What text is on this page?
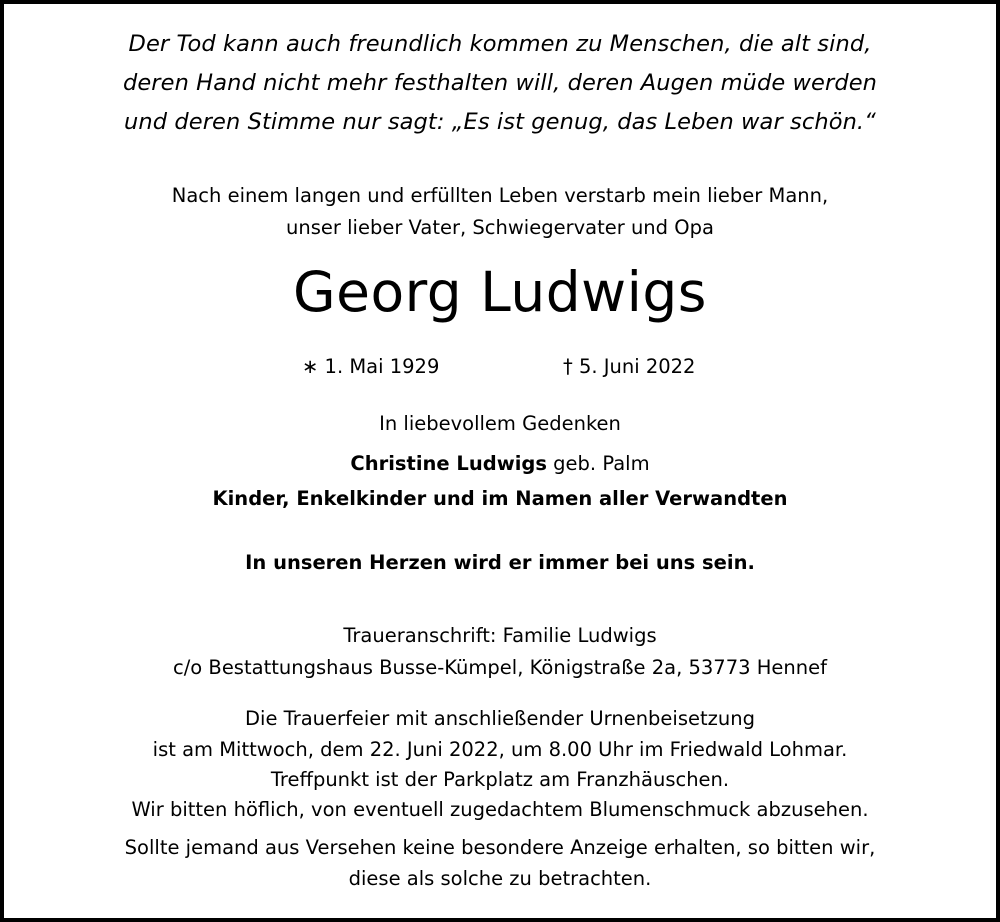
Der Tod kann auch freundlich kommen zu Menschen, die alt sind,
deren Hand nicht mehr festhalten will, deren Augen müde werden
und deren Stimme nur sagt: „Es ist genug, das Leben war schön.“
Nach einem langen und erfüllten Leben verstarb mein lieber Mann,
unser lieber Vater, Schwiegervater und Opa
Georg Ludwigs
∗ 1. Mai 1929	† 5. Juni 2022
In liebevollem Gedenken
Christine Ludwigs geb. Palm
Kinder, Enkelkinder und im Namen aller Verwandten
In unseren Herzen wird er immer bei uns sein.
Traueranschrift: Familie Ludwigs
c/o Bestattungshaus Busse-Kümpel, Königstraße 2a, 53773 Hennef
Die Trauerfeier mit anschließender Urnenbeisetzung
ist am Mittwoch, dem 22. Juni 2022, um 8.00 Uhr im Friedwald Lohmar.
Treffpunkt ist der Parkplatz am Franzhäuschen.
Wir bitten höflich, von eventuell zugedachtem Blumenschmuck abzusehen.
Sollte jemand aus Versehen keine besondere Anzeige erhalten, so bitten wir,
diese als solche zu betrachten.
